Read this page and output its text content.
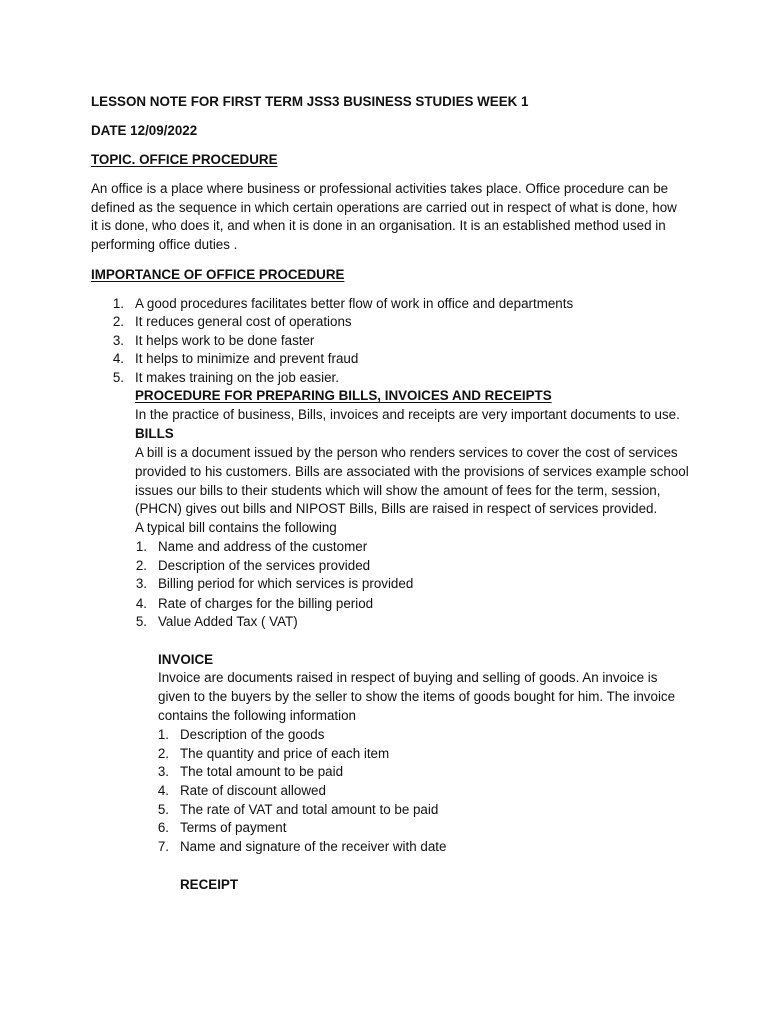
LESSON NOTE FOR FIRST TERM JSS3 BUSINESS STUDIES WEEK 1
DATE 12/09/2022
TOPIC. OFFICE PROCEDURE
An office is a place where business or professional activities takes place. Office procedure can be
defined as the sequence in which certain operations are carried out in respect of what is done, how
it is done, who does it, and when it is done in an organisation. It is an established method used in
performing office duties .
IMPORTANCE OF OFFICE PROCEDURE
1. A good procedures facilitates better flow of work in office and departments
2. It reduces general cost of operations
3. It helps work to be done faster
4. It helps to minimize and prevent fraud
5. It makes training on the job easier.
PROCEDURE FOR PREPARING BILLS, INVOICES AND RECEIPTS
In the practice of business, Bills, invoices and receipts are very important documents to use.
BILLS
A bill is a document issued by the person who renders services to cover the cost of services
provided to his customers. Bills are associated with the provisions of services example school
issues our bills to their students which will show the amount of fees for the term, session,
(PHCN) gives out bills and NIPOST Bills, Bills are raised in respect of services provided.
A typical bill contains the following
1. Name and address of the customer
2. Description of the services provided
3. Billing period for which services is provided
4. Rate of charges for the billing period
5. Value Added Tax ( VAT)
INVOICE
Invoice are documents raised in respect of buying and selling of goods. An invoice is
given to the buyers by the seller to show the items of goods bought for him. The invoice
contains the following information
1. Description of the goods
2. The quantity and price of each item
3. The total amount to be paid
4. Rate of discount allowed
5. The rate of VAT and total amount to be paid
6. Terms of payment
7. Name and signature of the receiver with date
RECEIPT
